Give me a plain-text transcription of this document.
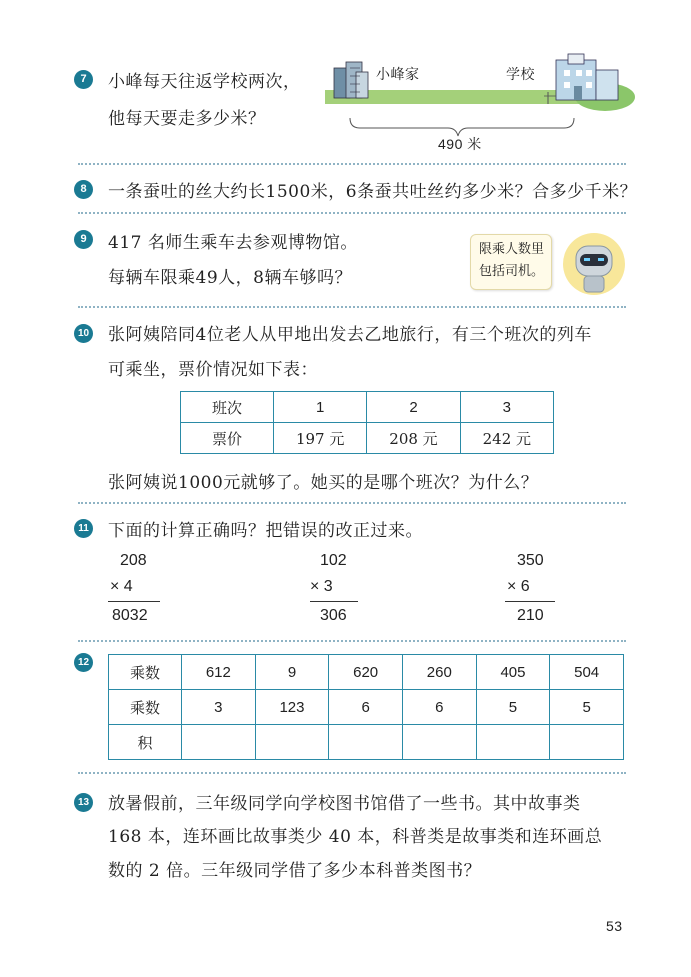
7	小峰每天往返学校两次，
他每天要走多少米？
小峰家	学校
490 米
8	一条蚕吐的丝大约长1500米，6条蚕共吐丝约多少米？合多少千米？
9	417 名师生乘车去参观博物馆。
每辆车限乘49人，8辆车够吗？
限乘人数里
包括司机。
10 张阿姨陪同4位老人从甲地出发去乙地旅行，有三个班次的列车
可乘坐，票价情况如下表：
班次	1	2	3
票价	197 元	208 元	242 元
张阿姨说1000元就够了。她买的是哪个班次？为什么？
11 下面的计算正确吗？把错误的改正过来。
208
× 4
8032
102
× 3
306
350
× 6
210
12
乘数	612	9	620	260	405	504
乘数	3	123	6	6	5	5
积						
13 放暑假前，三年级同学向学校图书馆借了一些书。其中故事类
168 本，连环画比故事类少 40 本，科普类是故事类和连环画总
数的 2 倍。三年级同学借了多少本科普类图书？
53
